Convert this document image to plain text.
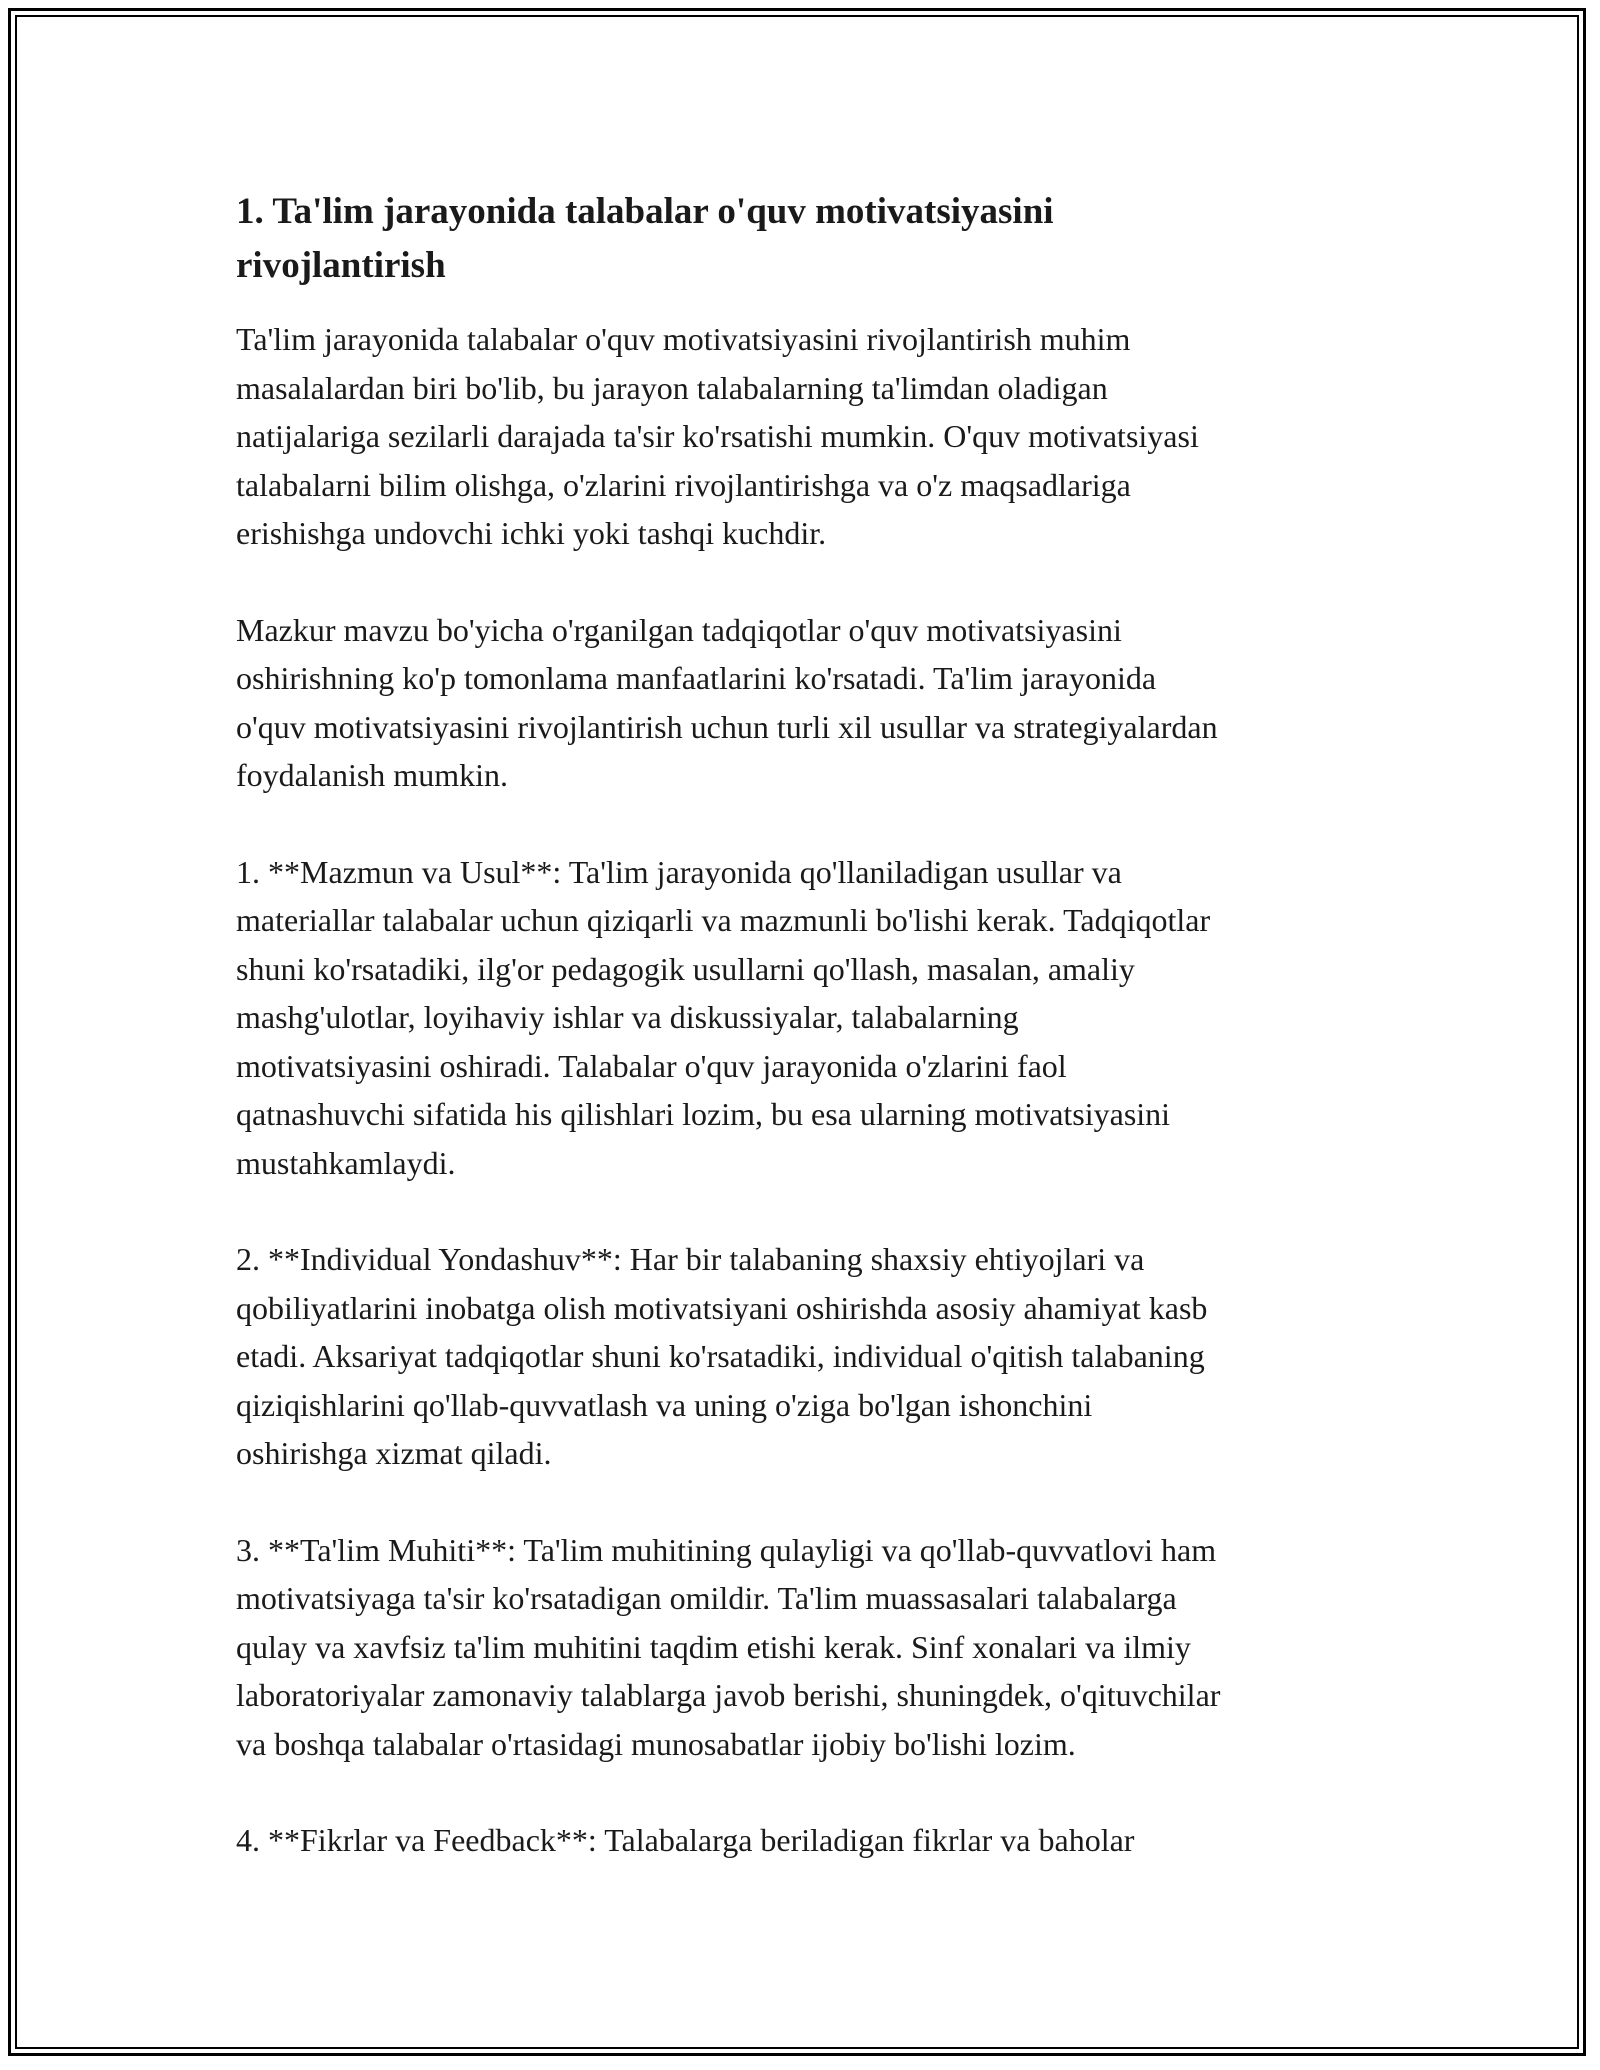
1. Ta'lim jarayonida talabalar o'quv motivatsiyasini rivojlantirish

Ta'lim jarayonida talabalar o'quv motivatsiyasini rivojlantirish muhim
masalalardan biri bo'lib, bu jarayon talabalarning ta'limdan oladigan
natijalariga sezilarli darajada ta'sir ko'rsatishi mumkin. O'quv motivatsiyasi
talabalarni bilim olishga, o'zlarini rivojlantirishga va o'z maqsadlariga
erishishga undovchi ichki yoki tashqi kuchdir.

Mazkur mavzu bo'yicha o'rganilgan tadqiqotlar o'quv motivatsiyasini
oshirishning ko'p tomonlama manfaatlarini ko'rsatadi. Ta'lim jarayonida
o'quv motivatsiyasini rivojlantirish uchun turli xil usullar va strategiyalardan
foydalanish mumkin.

1. **Mazmun va Usul**: Ta'lim jarayonida qo'llaniladigan usullar va
materiallar talabalar uchun qiziqarli va mazmunli bo'lishi kerak. Tadqiqotlar
shuni ko'rsatadiki, ilg'or pedagogik usullarni qo'llash, masalan, amaliy
mashg'ulotlar, loyihaviy ishlar va diskussiyalar, talabalarning
motivatsiyasini oshiradi. Talabalar o'quv jarayonida o'zlarini faol
qatnashuvchi sifatida his qilishlari lozim, bu esa ularning motivatsiyasini
mustahkamlaydi.

2. **Individual Yondashuv**: Har bir talabaning shaxsiy ehtiyojlari va
qobiliyatlarini inobatga olish motivatsiyani oshirishda asosiy ahamiyat kasb
etadi. Aksariyat tadqiqotlar shuni ko'rsatadiki, individual o'qitish talabaning
qiziqishlarini qo'llab-quvvatlash va uning o'ziga bo'lgan ishonchini
oshirishga xizmat qiladi.

3. **Ta'lim Muhiti**: Ta'lim muhitining qulayligi va qo'llab-quvvatlovi ham
motivatsiyaga ta'sir ko'rsatadigan omildir. Ta'lim muassasalari talabalarga
qulay va xavfsiz ta'lim muhitini taqdim etishi kerak. Sinf xonalari va ilmiy
laboratoriyalar zamonaviy talablarga javob berishi, shuningdek, o'qituvchilar
va boshqa talabalar o'rtasidagi munosabatlar ijobiy bo'lishi lozim.

4. **Fikrlar va Feedback**: Talabalarga beriladigan fikrlar va baholar
